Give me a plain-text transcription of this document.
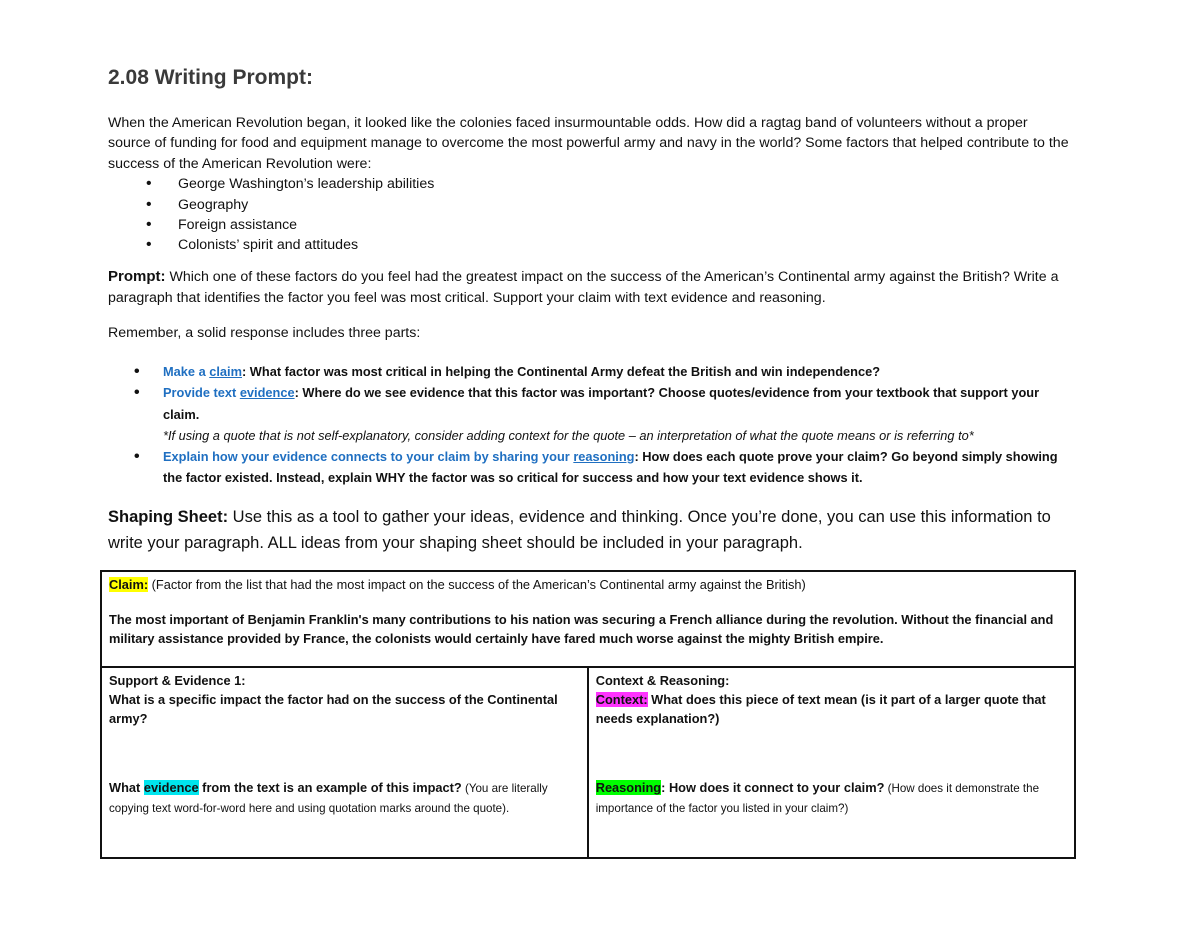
2.08 Writing Prompt:

When the American Revolution began, it looked like the colonies faced insurmountable odds. How did a ragtag band of volunteers without a proper source of funding for food and equipment manage to overcome the most powerful army and navy in the world? Some factors that helped contribute to the success of the American Revolution were:

• George Washington’s leadership abilities
• Geography
• Foreign assistance
• Colonists’ spirit and attitudes

Prompt: Which one of these factors do you feel had the greatest impact on the success of the American’s Continental army against the British? Write a paragraph that identifies the factor you feel was most critical. Support your claim with text evidence and reasoning.

Remember, a solid response includes three parts:

• Make a claim: What factor was most critical in helping the Continental Army defeat the British and win independence?
• Provide text evidence: Where do we see evidence that this factor was important? Choose quotes/evidence from your textbook that support your claim.
*If using a quote that is not self-explanatory, consider adding context for the quote – an interpretation of what the quote means or is referring to*
• Explain how your evidence connects to your claim by sharing your reasoning: How does each quote prove your claim? Go beyond simply showing the factor existed. Instead, explain WHY the factor was so critical for success and how your text evidence shows it.

Shaping Sheet: Use this as a tool to gather your ideas, evidence and thinking. Once you’re done, you can use this information to write your paragraph. ALL ideas from your shaping sheet should be included in your paragraph.

Claim: (Factor from the list that had the most impact on the success of the American’s Continental army against the British)
The most important of Benjamin Franklin's many contributions to his nation was securing a French alliance during the revolution. Without the financial and military assistance provided by France, the colonists would certainly have fared much worse against the mighty British empire.

Support & Evidence 1:
What is a specific impact the factor had on the success of the Continental army?
What evidence from the text is an example of this impact? (You are literally copying text word-for-word here and using quotation marks around the quote).

Context & Reasoning:
Context: What does this piece of text mean (is it part of a larger quote that needs explanation?)
Reasoning: How does it connect to your claim? (How does it demonstrate the importance of the factor you listed in your claim?)
